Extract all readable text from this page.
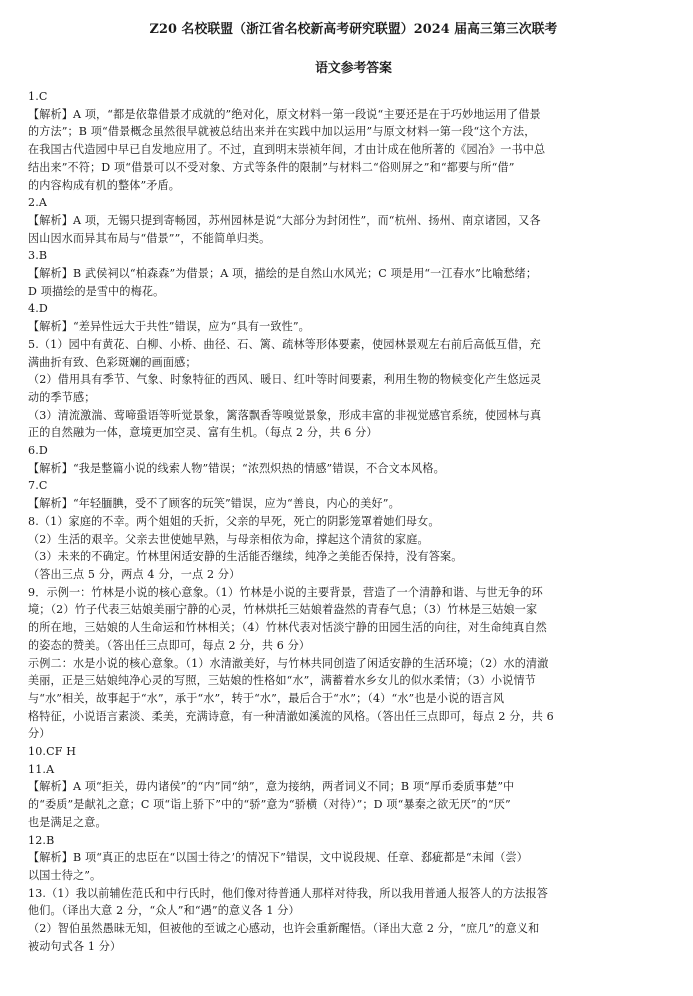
Z20 名校联盟（浙江省名校新高考研究联盟）2024 届高三第三次联考
语文参考答案
1.C
【解析】A 项，“都是依靠借景才成就的”绝对化，原文材料一第一段说“主要还是在于巧妙地运用了借景
的方法”；B 项“借景概念虽然很早就被总结出来并在实践中加以运用”与原文材料一第一段“这个方法，
在我国古代造园中早已自发地应用了。不过，直到明末崇祯年间，才由计成在他所著的《园冶》一书中总
结出来”不符；D 项“借景可以不受对象、方式等条件的限制”与材料二“俗则屏之”和“都要与所“借”
的内容构成有机的整体”矛盾。
2.A
【解析】A 项，无锡只提到寄畅园，苏州园林是说“大部分为封闭性”，而“杭州、扬州、南京诸园，又各
因山因水而异其布局与“借景””，不能简单归类。
3.B
【解析】B 武侯祠以“柏森森”为借景；A 项，描绘的是自然山水风光；C 项是用“一江春水”比喻愁绪；
D 项描绘的是雪中的梅花。
4.D
【解析】“差异性远大于共性”错误，应为“具有一致性”。
5.（1）园中有黄花、白柳、小桥、曲径、石、篱、疏林等形体要素，使园林景观左右前后高低互借，充
满曲折有致、色彩斑斓的画面感；
（2）借用具有季节、气象、时象特征的西风、暖日、红叶等时间要素，利用生物的物候变化产生悠远灵
动的季节感；
（3）清流激湍、莺啼蛩语等听觉景象，篱落飘香等嗅觉景象，形成丰富的非视觉感官系统，使园林与真
正的自然融为一体，意境更加空灵、富有生机。（每点 2 分，共 6 分）
6.D
【解析】“我是整篇小说的线索人物”错误；“浓烈炽热的情感”错误，不合文本风格。
7.C
【解析】“年轻腼腆，受不了顾客的玩笑”错误，应为“善良，内心的美好”。
8.（1）家庭的不幸。两个姐姐的夭折，父亲的早死，死亡的阴影笼罩着她们母女。
（2）生活的艰辛。父亲去世使她早熟，与母亲相依为命，撑起这个清贫的家庭。
（3）未来的不确定。竹林里闲适安静的生活能否继续，纯净之美能否保持，没有答案。
（答出三点 5 分，两点 4 分，一点 2 分）
9．示例一：竹林是小说的核心意象。（1）竹林是小说的主要背景，营造了一个清静和谐、与世无争的环
境；（2）竹子代表三姑娘美丽宁静的心灵，竹林烘托三姑娘着盎然的青春气息；（3）竹林是三姑娘一家
的所在地，三姑娘的人生命运和竹林相关；（4）竹林代表对恬淡宁静的田园生活的向往，对生命纯真自然
的姿态的赞美。（答出任三点即可，每点 2 分，共 6 分）
示例二：水是小说的核心意象。（1）水清澈美好，与竹林共同创造了闲适安静的生活环境；（2）水的清澈
美丽，正是三姑娘纯净心灵的写照，三姑娘的性格如“水”，满蓄着水乡女儿的似水柔情；（3）小说情节
与“水”相关，故事起于“水”，承于“水”，转于“水”，最后合于“水”；（4）“水”也是小说的语言风
格特征，小说语言素淡、柔美，充满诗意，有一种清澈如溪流的风格。（答出任三点即可，每点 2 分，共 6
分）
10.CF H
11.A
【解析】A 项“拒关，毋内诸侯”的“内”同“纳”，意为接纳，两者词义不同；B 项“厚币委质事楚”中
的“委质”是献礼之意；C 项“诣上骄下”中的“骄”意为“骄横（对待）”；D 项“暴秦之欲无厌”的“厌”
也是满足之意。
12.B
【解析】B 项“真正的忠臣在“以国士待之’的情况下”错误，文中说段规、任章、郄疵都是“未闻（尝）
以国士待之”。
13.（1）我以前辅佐范氏和中行氏时，他们像对待普通人那样对待我，所以我用普通人报答人的方法报答
他们。（译出大意 2 分，“众人”和“遇”的意义各 1 分）
（2）智伯虽然愚昧无知，但被他的至诚之心感动，也许会重新醒悟。（译出大意 2 分，“庶几”的意义和
被动句式各 1 分）
